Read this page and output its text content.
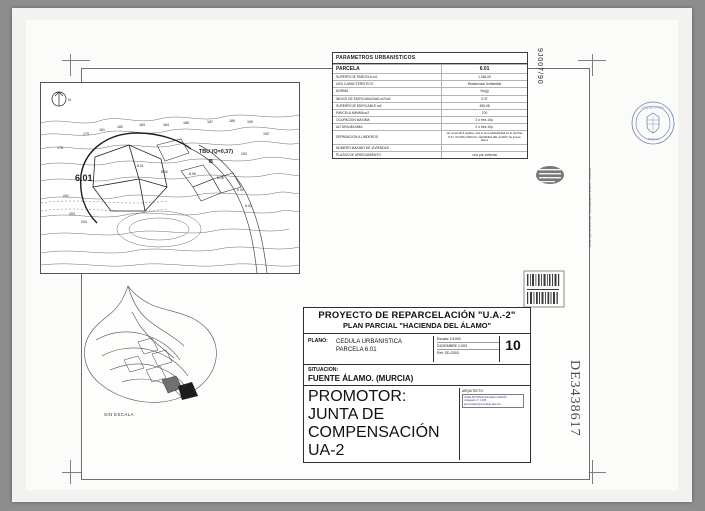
N
176
179
181
182	183	184	185	187	189	190
192
193
201
203
204
8.01
8.04	8.06
8.08
6.02
6.03
6.01
TBU (Q=0,37)
B
SIN ESCALA
PARAMETROS URBANISTICOS
PARCELA	6.01
SUPERFICIE PARCELA m2.	1.384,00
USO CARACTERISTICO	Residencial Unifamiliar
NORMA	No(g)
INDICE DE EDIFICABILIDAD m2/m2.	0,37
SUPERFICIE EDIFICABLE m2.	455,08
PARCELA MINIMA m2.	700
OCUPACION MAXIMA	2 o tres 10p.
ALTURA MAXIMA	2 o tres 10p.
SEPARACION A LINDEROS	Ver norma 6b.5 reglitica, será el de la edificabilidad art.41 del Plan R.P.I. OCUPAL PARCIAL "HACIENDA DEL ÁLAMO" de Fuente Álamo
NÚMERO MAXIMO DE VIVIENDAS	
PLAZAS DE APARCAMIENTO	una por vivienda
9J007/90
PARCEL. ESCALA/IMPRESO. DELINEACIÓN.DOC.
DE3438617
COLEGIO OFICIAL
MURCIA
PROYECTO DE REPARCELACIÓN "U.A.-2"
PLAN PARCIAL "HACIENDA DEL ÁLAMO"
PLANO:	CEDULA URBANISTICA
PARCELA 6.01
Escala: 1/1000
DICIEMBRE 2.003
Ref: SD-2003	10
SITUACION:
FUENTE ÁLAMO. (MURCIA)
PROMOTOR:
JUNTA DE COMPENSACIÓN UA-2
ARQUITECTO:
JOSE ANTONIO Mondéjar GARCÍA
colegiado nº 1.036
jamondejar@mondejar.atienza
